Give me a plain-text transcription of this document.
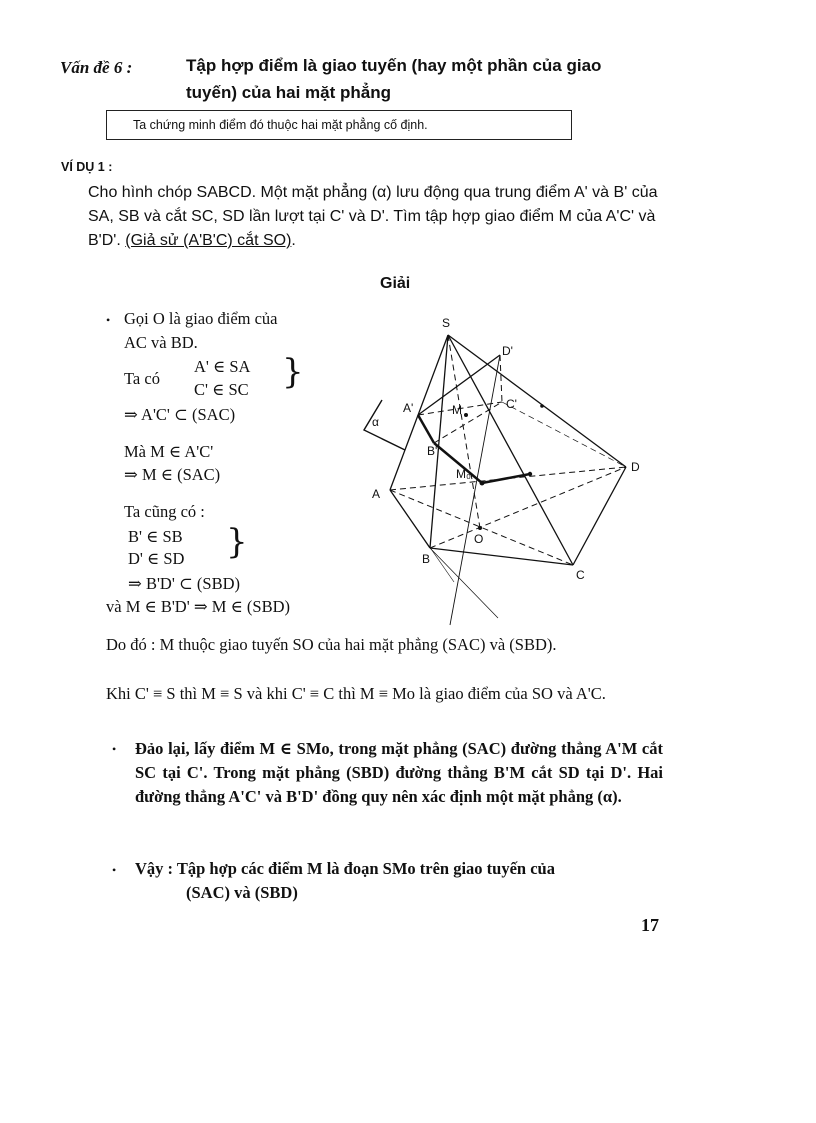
Vấn đề 6 :	Tập hợp điểm là giao tuyến (hay một phần của giao tuyến) của hai mặt phẳng
Ta chứng minh điểm đó thuộc hai mặt phẳng cố định.
VÍ DỤ 1 :
Cho hình chóp SABCD. Một mặt phẳng (α) lưu động qua trung điểm A' và B' của SA, SB và cắt SC, SD lần lượt tại C' và D'. Tìm tập hợp giao điểm M của A'C' và B'D'. (Giả sử (A'B'C) cắt SO).
Giải
• Gọi O là giao điểm của
AC và BD.
Ta có
A' ∈ SA
C' ∈ SC }
⇒ A'C' ⊂ (SAC)
Mà M ∈ A'C'
⇒ M ∈ (SAC)
Ta cũng có :
B' ∈ SB
D' ∈ SD }
⇒ B'D' ⊂ (SBD)
và M ∈ B'D' ⇒ M ∈ (SBD)
Do đó : M thuộc giao tuyến SO của hai mặt phẳng (SAC) và (SBD).
Khi C' ≡ S thì M ≡ S và khi C' ≡ C thì M ≡ Mo là giao điểm của SO và A'C.
• Đảo lại, lấy điểm M ∈ SMo, trong mặt phẳng (SAC) đường thẳng A'M cắt SC tại C'. Trong mặt phẳng (SBD) đường thẳng B'M cắt SD tại D'. Hai đường thẳng A'C' và B'D' đồng quy nên xác định một mặt phẳng (α).
• Vậy : Tập hợp các điểm M là đoạn SMo trên giao tuyến của
(SAC) và (SBD)
17
S
A
B
C
D
O
A'
B'
C'
D'
M
M₀
α
